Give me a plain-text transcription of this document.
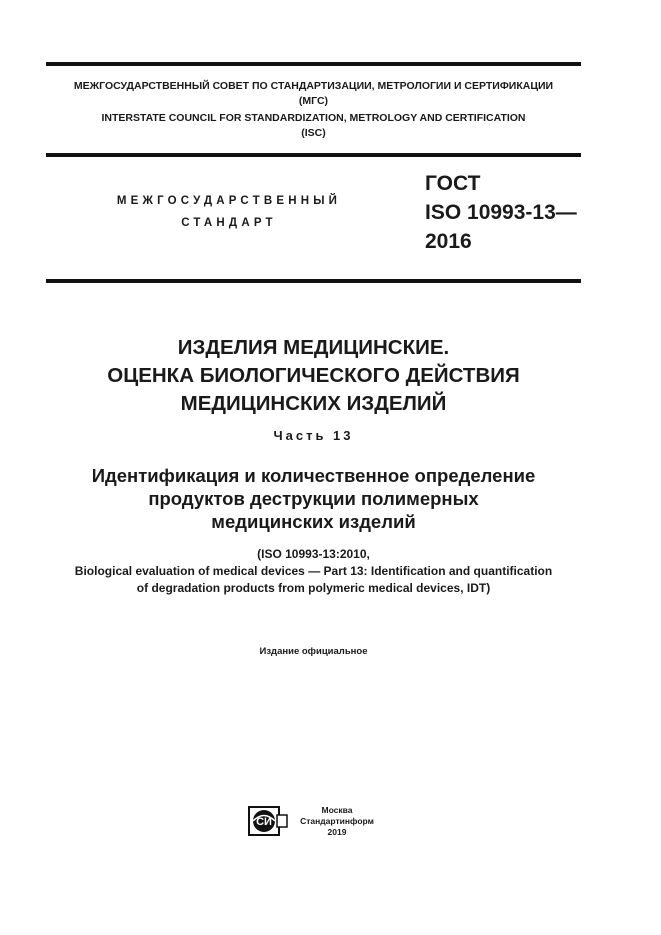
МЕЖГОСУДАРСТВЕННЫЙ СОВЕТ ПО СТАНДАРТИЗАЦИИ, МЕТРОЛОГИИ И СЕРТИФИКАЦИИ
(МГС)
INTERSTATE COUNCIL FOR STANDARDIZATION, METROLOGY AND CERTIFICATION
(ISC)
МЕЖГОСУДАРСТВЕННЫЙ
СТАНДАРТ
ГОСТ
ISO 10993-13—
2016
ИЗДЕЛИЯ МЕДИЦИНСКИЕ.
ОЦЕНКА БИОЛОГИЧЕСКОГО ДЕЙСТВИЯ
МЕДИЦИНСКИХ ИЗДЕЛИЙ
Часть 13
Идентификация и количественное определение
продуктов деструкции полимерных
медицинских изделий
(ISO 10993-13:2010,
Biological evaluation of medical devices — Part 13: Identification and quantification
of degradation products from polymeric medical devices, IDT)
Издание официальное
СИ
Москва
Стандартинформ
2019
